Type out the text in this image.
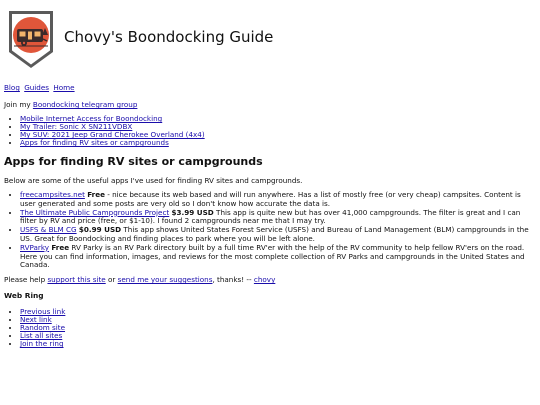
Chovy's Boondocking Guide
Blog Guides Home
Join my Boondocking telegram group
• Mobile Internet Access for Boondocking
• My Trailer: Sonic X SN211VDBX
• My SUV: 2021 Jeep Grand Cherokee Overland (4x4)
• Apps for finding RV sites or campgrounds
Apps for finding RV sites or campgrounds
Below are some of the useful apps I've used for finding RV sites and campgrounds.
• freecampsites.net Free - nice because its web based and will run anywhere. Has a list of mostly free (or very cheap) campsites. Content is user generated and some posts are very old so I don't know how accurate the data is.
• The Ultimate Public Campgrounds Project $3.99 USD This app is quite new but has over 41,000 campgrounds. The filter is great and I can filter by RV and price (free, or $1-10). I found 2 campgrounds near me that I may try.
• USFS & BLM CG $0.99 USD This app shows United States Forest Service (USFS) and Bureau of Land Management (BLM) campgrounds in the US. Great for Boondocking and finding places to park where you will be left alone.
• RVParky Free RV Parky is an RV Park directory built by a full time RV'er with the help of the RV community to help fellow RV'ers on the road. Here you can find information, images, and reviews for the most complete collection of RV Parks and campgrounds in the United States and Canada.
Please help support this site or send me your suggestions, thanks! -- chovy
Web Ring
• Previous link
• Next link
• Random site
• List all sites
• Join the ring
